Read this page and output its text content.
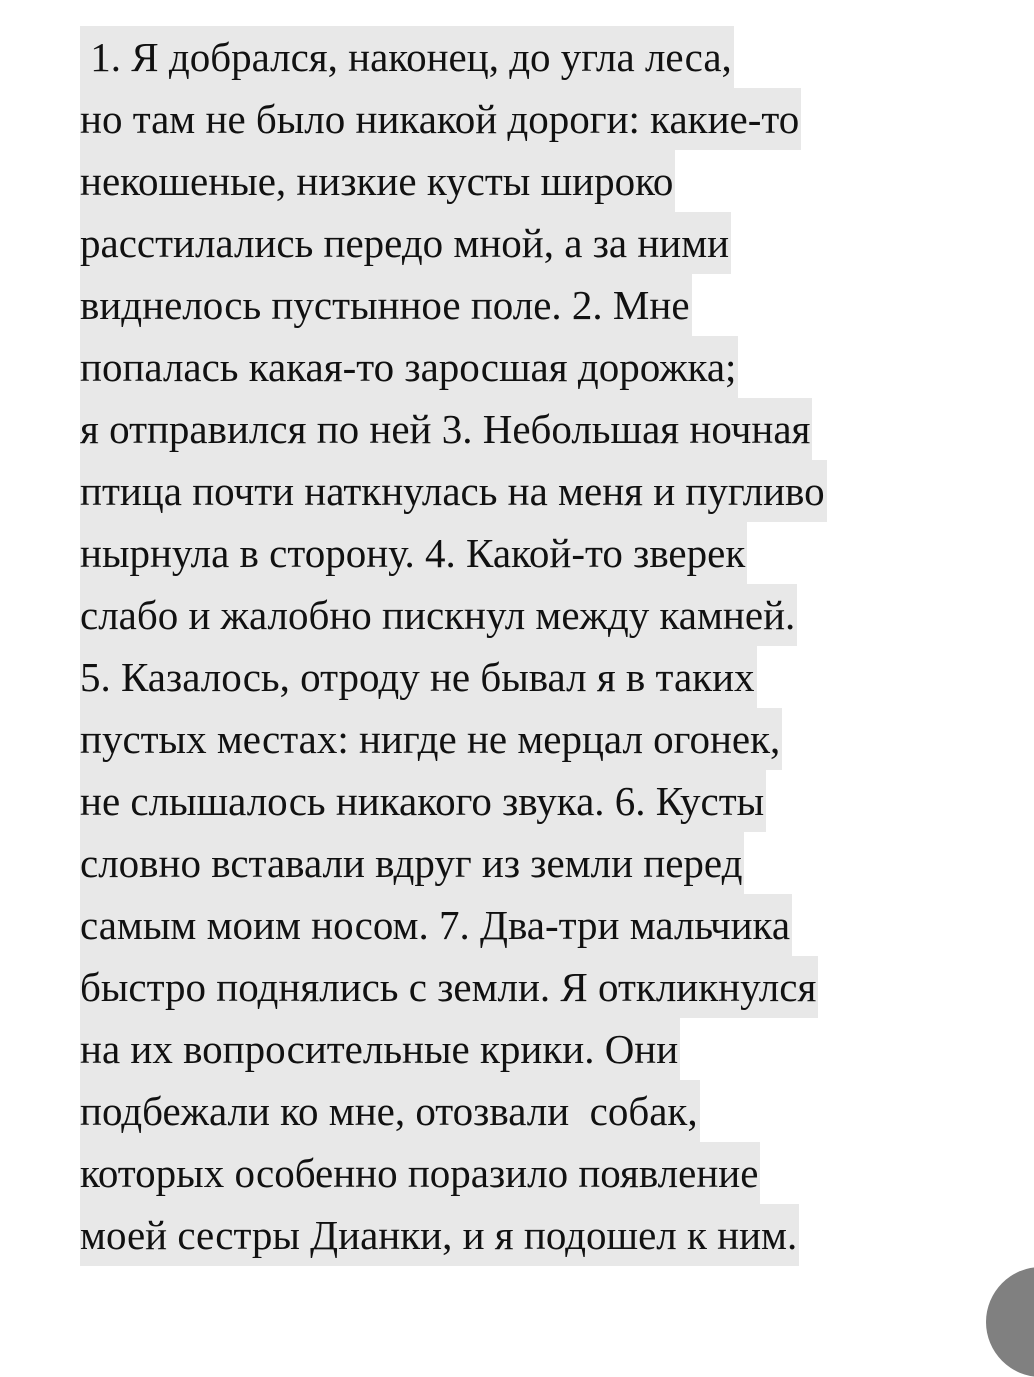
1. Я добрался, наконец, до угла леса,
но там не было никакой дороги: какие-то
некошеные, низкие кусты широко
расстилались передо мной, а за ними
виднелось пустынное поле. 2. Мне
попалась какая-то заросшая дорожка;
я отправился по ней 3. Небольшая ночная
птица почти наткнулась на меня и пугливо
нырнула в сторону. 4. Какой-то зверек
слабо и жалобно пискнул между камней.
5. Казалось, отроду не бывал я в таких
пустых местах: нигде не мерцал огонек,
не слышалось никакого звука. 6. Кусты
словно вставали вдруг из земли перед
самым моим носом. 7. Два-три мальчика
быстро поднялись с земли. Я откликнулся
на их вопросительные крики. Они
подбежали ко мне, отозвали  собак,
которых особенно поразило появление
моей сестры Дианки, и я подошел к ним.
